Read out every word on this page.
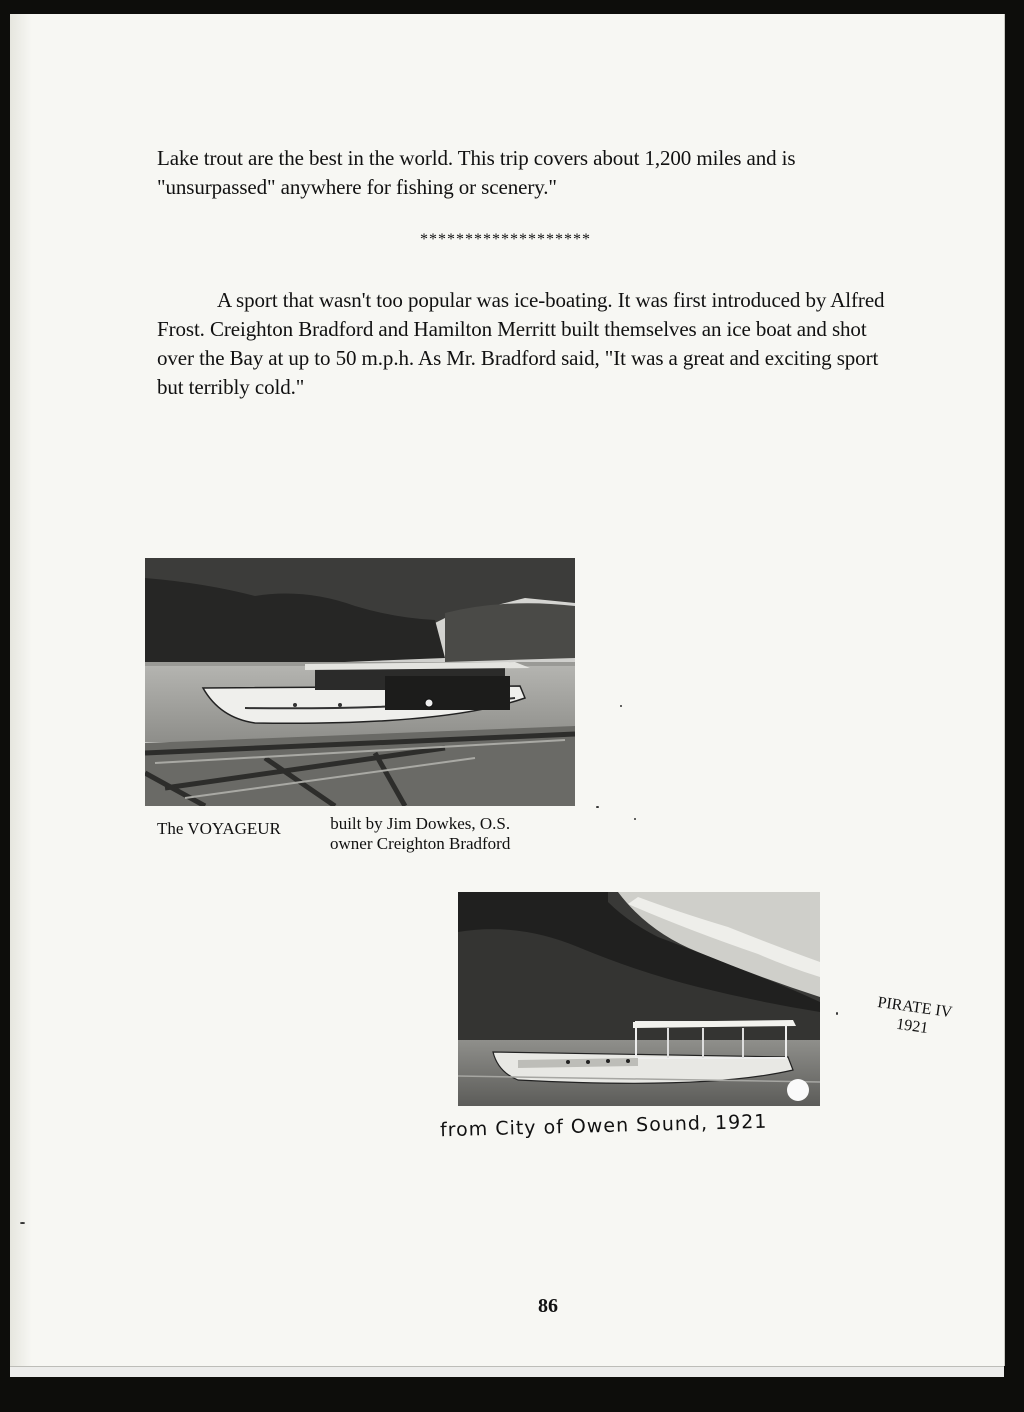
Lake trout are the best in the world. This trip covers about 1,200 miles and is "unsurpassed" anywhere for fishing or scenery."

*******************

A sport that wasn't too popular was ice-boating. It was first introduced by Alfred Frost. Creighton Bradford and Hamilton Merritt built themselves an ice boat and shot over the Bay at up to 50 m.p.h. As Mr. Bradford said, "It was a great and exciting sport but terribly cold."

The VOYAGEUR	built by Jim Dowkes, O.S.
owner Creighton Bradford
PIRATE IV
1921
from City of Owen Sound, 1921
86
